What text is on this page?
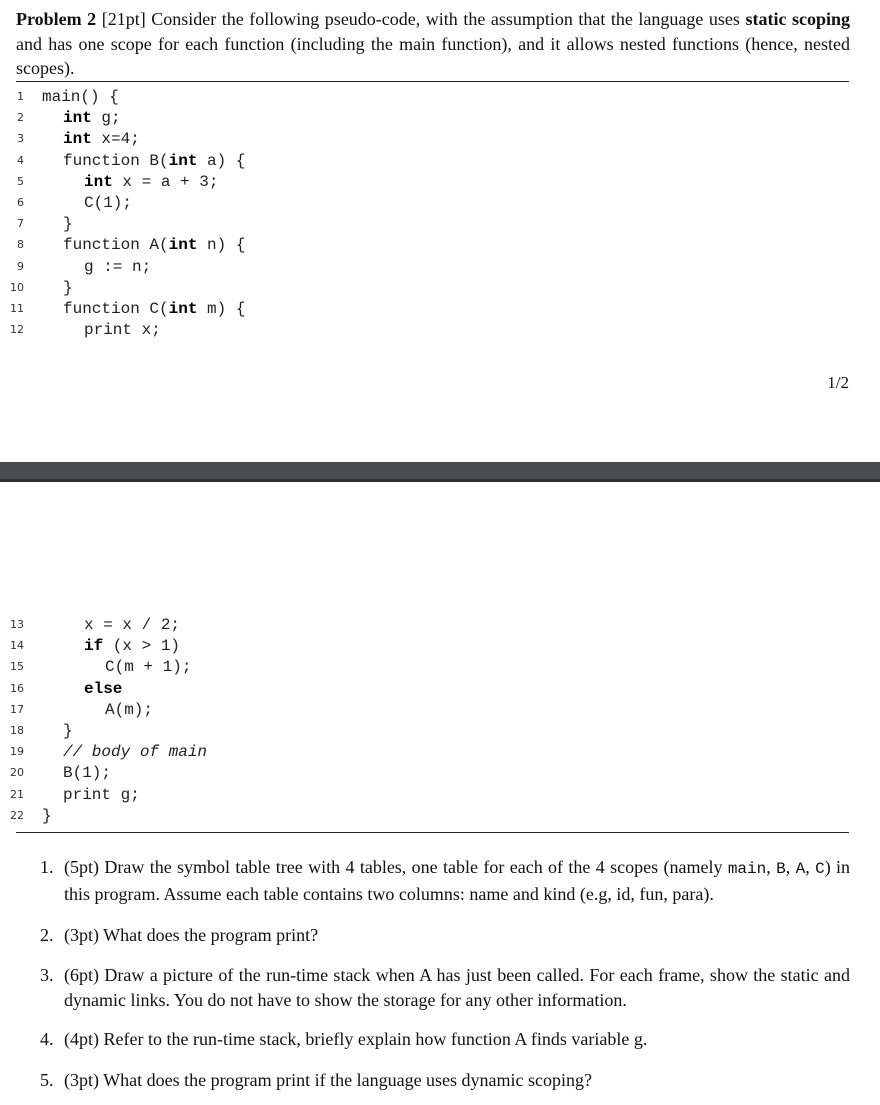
Problem 2 [21pt] Consider the following pseudo-code, with the assumption that the language uses static scoping and has one scope for each function (including the main function), and it allows nested functions (hence, nested scopes).
1 main() {
2 int g;
3 int x=4;
4 function B(int a) {
5	int x = a + 3;
6	C(1);
7 }
8 function A(int n) {
9	g := n;
10 }
11 function C(int m) {
12	print x;
1/2
13	x = x / 2;
14	if (x > 1)
15	C(m + 1);
16	else
17	A(m);
18 }
19 // body of main
20 B(1);
21 print g;
22 }
1. (5pt) Draw the symbol table tree with 4 tables, one table for each of the 4 scopes (namely main, B, A, C) in this program. Assume each table contains two columns: name and kind (e.g, id, fun, para).
2. (3pt) What does the program print?
3. (6pt) Draw a picture of the run-time stack when A has just been called. For each frame, show the static and dynamic links. You do not have to show the storage for any other information.
4. (4pt) Refer to the run-time stack, briefly explain how function A finds variable g.
5. (3pt) What does the program print if the language uses dynamic scoping?
